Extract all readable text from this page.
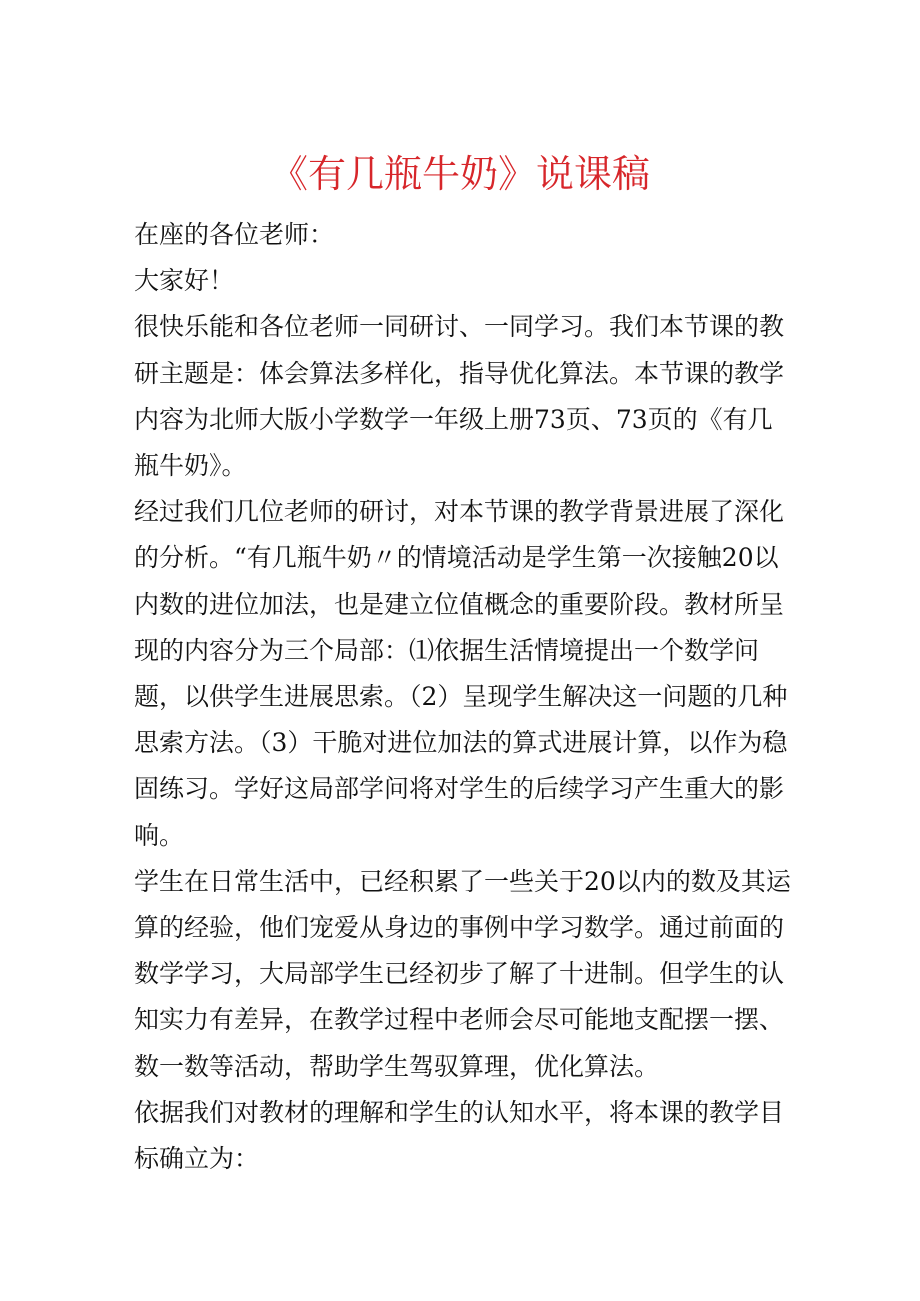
《有几瓶牛奶》说课稿

在座的各位老师：

大家好！

很快乐能和各位老师一同研讨、一同学习。我们本节课的教研主题是：体会算法多样化，指导优化算法。本节课的教学内容为北师大版小学数学一年级上册73页、73页的《有几瓶牛奶》。

经过我们几位老师的研讨，对本节课的教学背景进展了深化的分析。“有几瓶牛奶〃的情境活动是学生第一次接触20以内数的进位加法，也是建立位值概念的重要阶段。教材所呈现的内容分为三个局部：⑴依据生活情境提出一个数学问题，以供学生进展思索。（2）呈现学生解决这一问题的几种思索方法。（3）干脆对进位加法的算式进展计算，以作为稳固练习。学好这局部学问将对学生的后续学习产生重大的影响。

学生在日常生活中，已经积累了一些关于20以内的数及其运算的经验，他们宠爱从身边的事例中学习数学。通过前面的数学学习，大局部学生已经初步了解了十进制。但学生的认知实力有差异，在教学过程中老师会尽可能地支配摆一摆、数一数等活动，帮助学生驾驭算理，优化算法。

依据我们对教材的理解和学生的认知水平，将本课的教学目标确立为：
